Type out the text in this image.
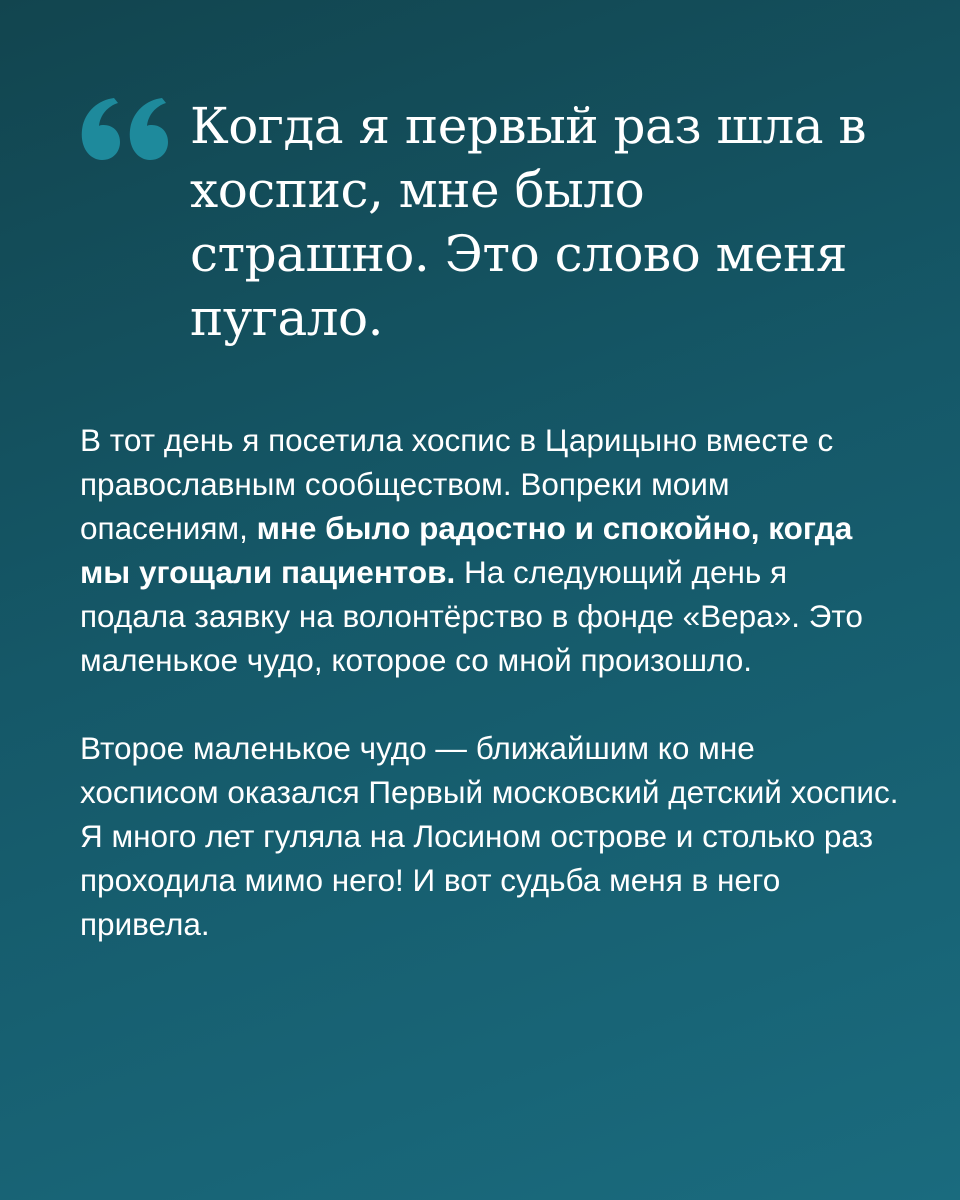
Когда я первый раз шла в хоспис, мне было страшно. Это слово меня пугало.

В тот день я посетила хоспис в Царицыно вместе с православным сообществом. Вопреки моим опасениям, мне было радостно и спокойно, когда мы угощали пациентов. На следующий день я подала заявку на волонтёрство в фонде «Вера». Это маленькое чудо, которое со мной произошло.

Второе маленькое чудо — ближайшим ко мне хосписом оказался Первый московский детский хоспис. Я много лет гуляла на Лосином острове и столько раз проходила мимо него! И вот судьба меня в него привела.
